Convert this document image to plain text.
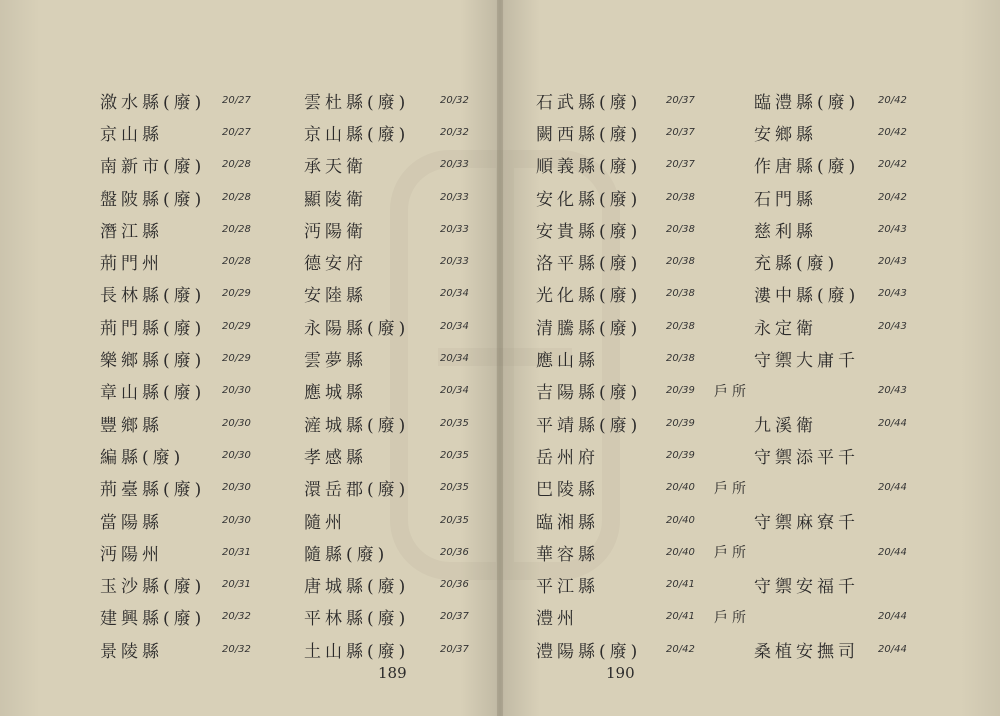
漵水縣 (廢)
京山縣
南新市 (廢)
盤陂縣 (廢)
潛江縣
荊門州
長林縣 (廢)
荊門縣 (廢)
樂鄉縣 (廢)
章山縣 (廢)
豐鄉縣
編縣 (廢)
荊臺縣 (廢)
當陽縣
沔陽州
玉沙縣 (廢)
建興縣 (廢)
景陵縣
20/27
20/27
20/28
20/28
20/28
20/28
20/29
20/29
20/29
20/30
20/30
20/30
20/30
20/30
20/31
20/31
20/32
20/32
雲杜縣 (廢)
京山縣 (廢)
承天衛
顯陵衛
沔陽衛
德安府
安陸縣
永陽縣 (廢)
雲夢縣
應城縣
滻城縣 (廢)
孝感縣
澴岳郡 (廢)
隨州
隨縣 (廢)
唐城縣 (廢)
平林縣 (廢)
土山縣 (廢)
20/32
20/32
20/33
20/33
20/33
20/33
20/34
20/34
20/34
20/34
20/35
20/35
20/35
20/35
20/36
20/36
20/37
20/37
189
石武縣 (廢)
闕西縣 (廢)
順義縣 (廢)
安化縣 (廢)
安貴縣 (廢)
洛平縣 (廢)
光化縣 (廢)
清騰縣 (廢)
應山縣
吉陽縣 (廢)
平靖縣 (廢)
岳州府
巴陵縣
臨湘縣
華容縣
平江縣
澧州
澧陽縣 (廢)
20/37
20/37
20/37
20/38
20/38
20/38
20/38
20/38
20/38
20/39
20/39
20/39
20/40
20/40
20/40
20/41
20/41
20/42
戶所
戶所
戶所
戶所
臨澧縣 (廢)
安鄉縣
作唐縣 (廢)
石門縣
慈利縣
充縣 (廢)
漊中縣 (廢)
永定衛
守禦大庸千
九溪衛
守禦添平千
守禦麻寮千
守禦安福千
桑植安撫司
20/42
20/42
20/42
20/42
20/43
20/43
20/43
20/43
20/43
20/44
20/44
20/44
20/44
20/44
190
